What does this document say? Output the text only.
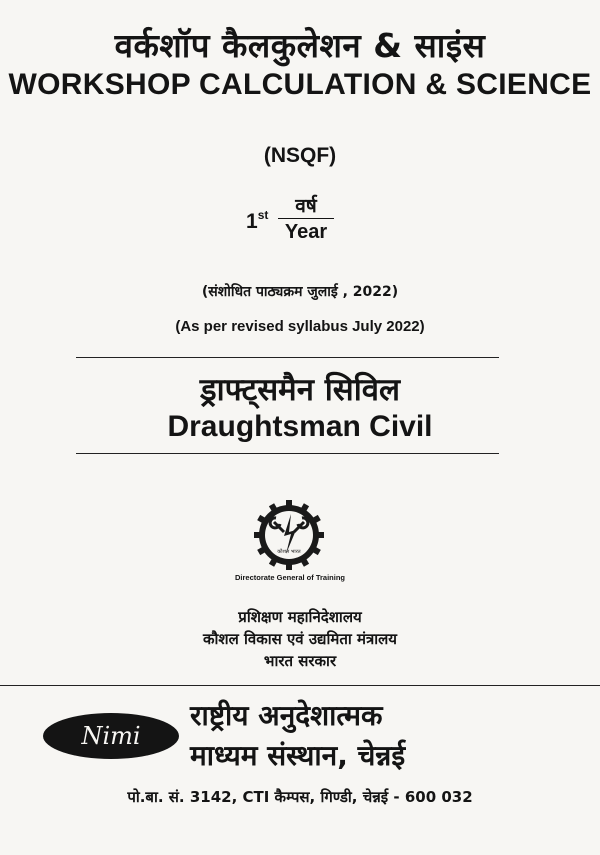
वर्कशॉप कैलकुलेशन & साइंस
WORKSHOP CALCULATION & SCIENCE
(NSQF)
1st	वर्ष
Year
(संशोधित पाठ्यक्रम जुलाई , 2022)
(As per revised syllabus July 2022)
ड्राफ्ट्समैन सिविल
Draughtsman Civil
कौशल भारत
Directorate General of Training
प्रशिक्षण महानिदेशालय
कौशल विकास एवं उद्यमिता मंत्रालय
भारत सरकार
Nimi
राष्ट्रीय अनुदेशात्मक
माध्यम संस्थान, चेन्नई
पो.बा. सं. 3142, CTI कैम्पस, गिण्डी, चेन्नई - 600 032
